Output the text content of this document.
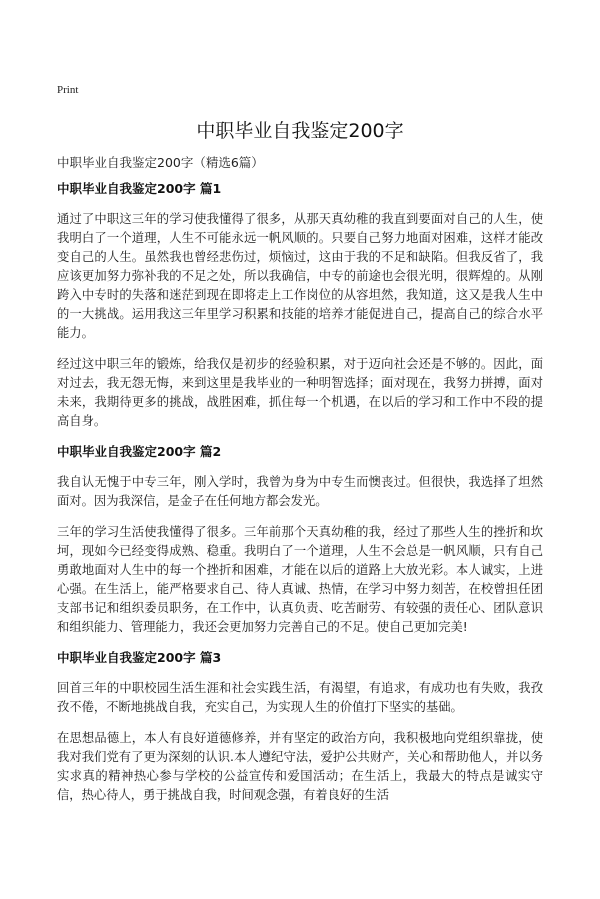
Print
中职毕业自我鉴定200字
中职毕业自我鉴定200字（精选6篇）
中职毕业自我鉴定200字 篇1

通过了中职这三年的学习使我懂得了很多，从那天真幼稚的我直到要面对自己的人生，使我明白了一个道理，人生不可能永远一帆风顺的。只要自己努力地面对困难，这样才能改变自己的人生。虽然我也曾经悲伤过，烦恼过，这由于我的不足和缺陷。但我反省了，我应该更加努力弥补我的不足之处，所以我确信，中专的前途也会很光明，很辉煌的。从刚跨入中专时的失落和迷茫到现在即将走上工作岗位的从容坦然，我知道，这又是我人生中的一大挑战。运用我这三年里学习积累和技能的培养才能促进自己，提高自己的综合水平能力。

经过这中职三年的锻炼，给我仅是初步的经验积累，对于迈向社会还是不够的。因此，面对过去，我无怨无悔，来到这里是我毕业的一种明智选择；面对现在，我努力拼搏，面对未来，我期待更多的挑战，战胜困难，抓住每一个机遇，在以后的学习和工作中不段的提高自身。

中职毕业自我鉴定200字 篇2

我自认无愧于中专三年，刚入学时，我曾为身为中专生而懊丧过。但很快，我选择了坦然面对。因为我深信，是金子在任何地方都会发光。

三年的学习生活使我懂得了很多。三年前那个天真幼稚的我，经过了那些人生的挫折和坎坷，现如今已经变得成熟、稳重。我明白了一个道理，人生不会总是一帆风顺，只有自己勇敢地面对人生中的每一个挫折和困难，才能在以后的道路上大放光彩。本人诚实，上进心强。在生活上，能严格要求自己、待人真诚、热情，在学习中努力刻苦，在校曾担任团支部书记和组织委员职务，在工作中，认真负责、吃苦耐劳、有较强的责任心、团队意识和组织能力、管理能力，我还会更加努力完善自己的不足。使自己更加完美!

中职毕业自我鉴定200字 篇3

回首三年的中职校园生活生涯和社会实践生活，有渴望，有追求，有成功也有失败，我孜孜不倦，不断地挑战自我，充实自己，为实现人生的价值打下坚实的基础。

在思想品德上，本人有良好道德修养，并有坚定的政治方向，我积极地向党组织靠拢，使我对我们党有了更为深刻的认识.本人遵纪守法，爱护公共财产，关心和帮助他人，并以务实求真的精神热心参与学校的公益宣传和爱国活动；在生活上，我最大的特点是诚实守信，热心待人，勇于挑战自我，时间观念强，有着良好的生活
